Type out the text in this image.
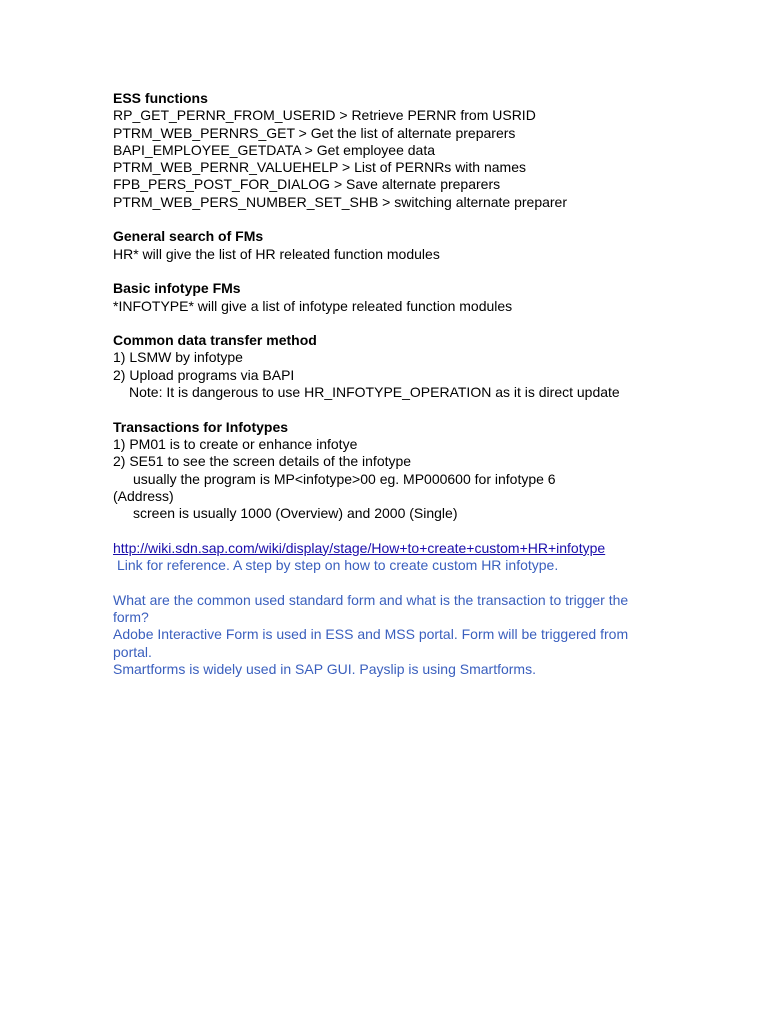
ESS functions
RP_GET_PERNR_FROM_USERID > Retrieve PERNR from USRID
PTRM_WEB_PERNRS_GET > Get the list of alternate preparers
BAPI_EMPLOYEE_GETDATA > Get employee data
PTRM_WEB_PERNR_VALUEHELP > List of PERNRs with names
FPB_PERS_POST_FOR_DIALOG > Save alternate preparers
PTRM_WEB_PERS_NUMBER_SET_SHB > switching alternate preparer
General search of FMs
HR* will give the list of HR releated function modules
Basic infotype FMs
*INFOTYPE* will give a list of infotype releated function modules
Common data transfer method
1) LSMW by infotype
2) Upload programs via BAPI
Note: It is dangerous to use HR_INFOTYPE_OPERATION as it is direct update
Transactions for Infotypes
1) PM01 is to create or enhance infotye
2) SE51 to see the screen details of the infotype
usually the program is MP<infotype>00 eg. MP000600 for infotype 6 (Address)
screen is usually 1000 (Overview) and 2000 (Single)
http://wiki.sdn.sap.com/wiki/display/stage/How+to+create+custom+HR+infotype
Link for reference. A step by step on how to create custom HR infotype.
What are the common used standard form and what is the transaction to trigger the form?
Adobe Interactive Form is used in ESS and MSS portal. Form will be triggered from portal.
Smartforms is widely used in SAP GUI. Payslip is using Smartforms.
